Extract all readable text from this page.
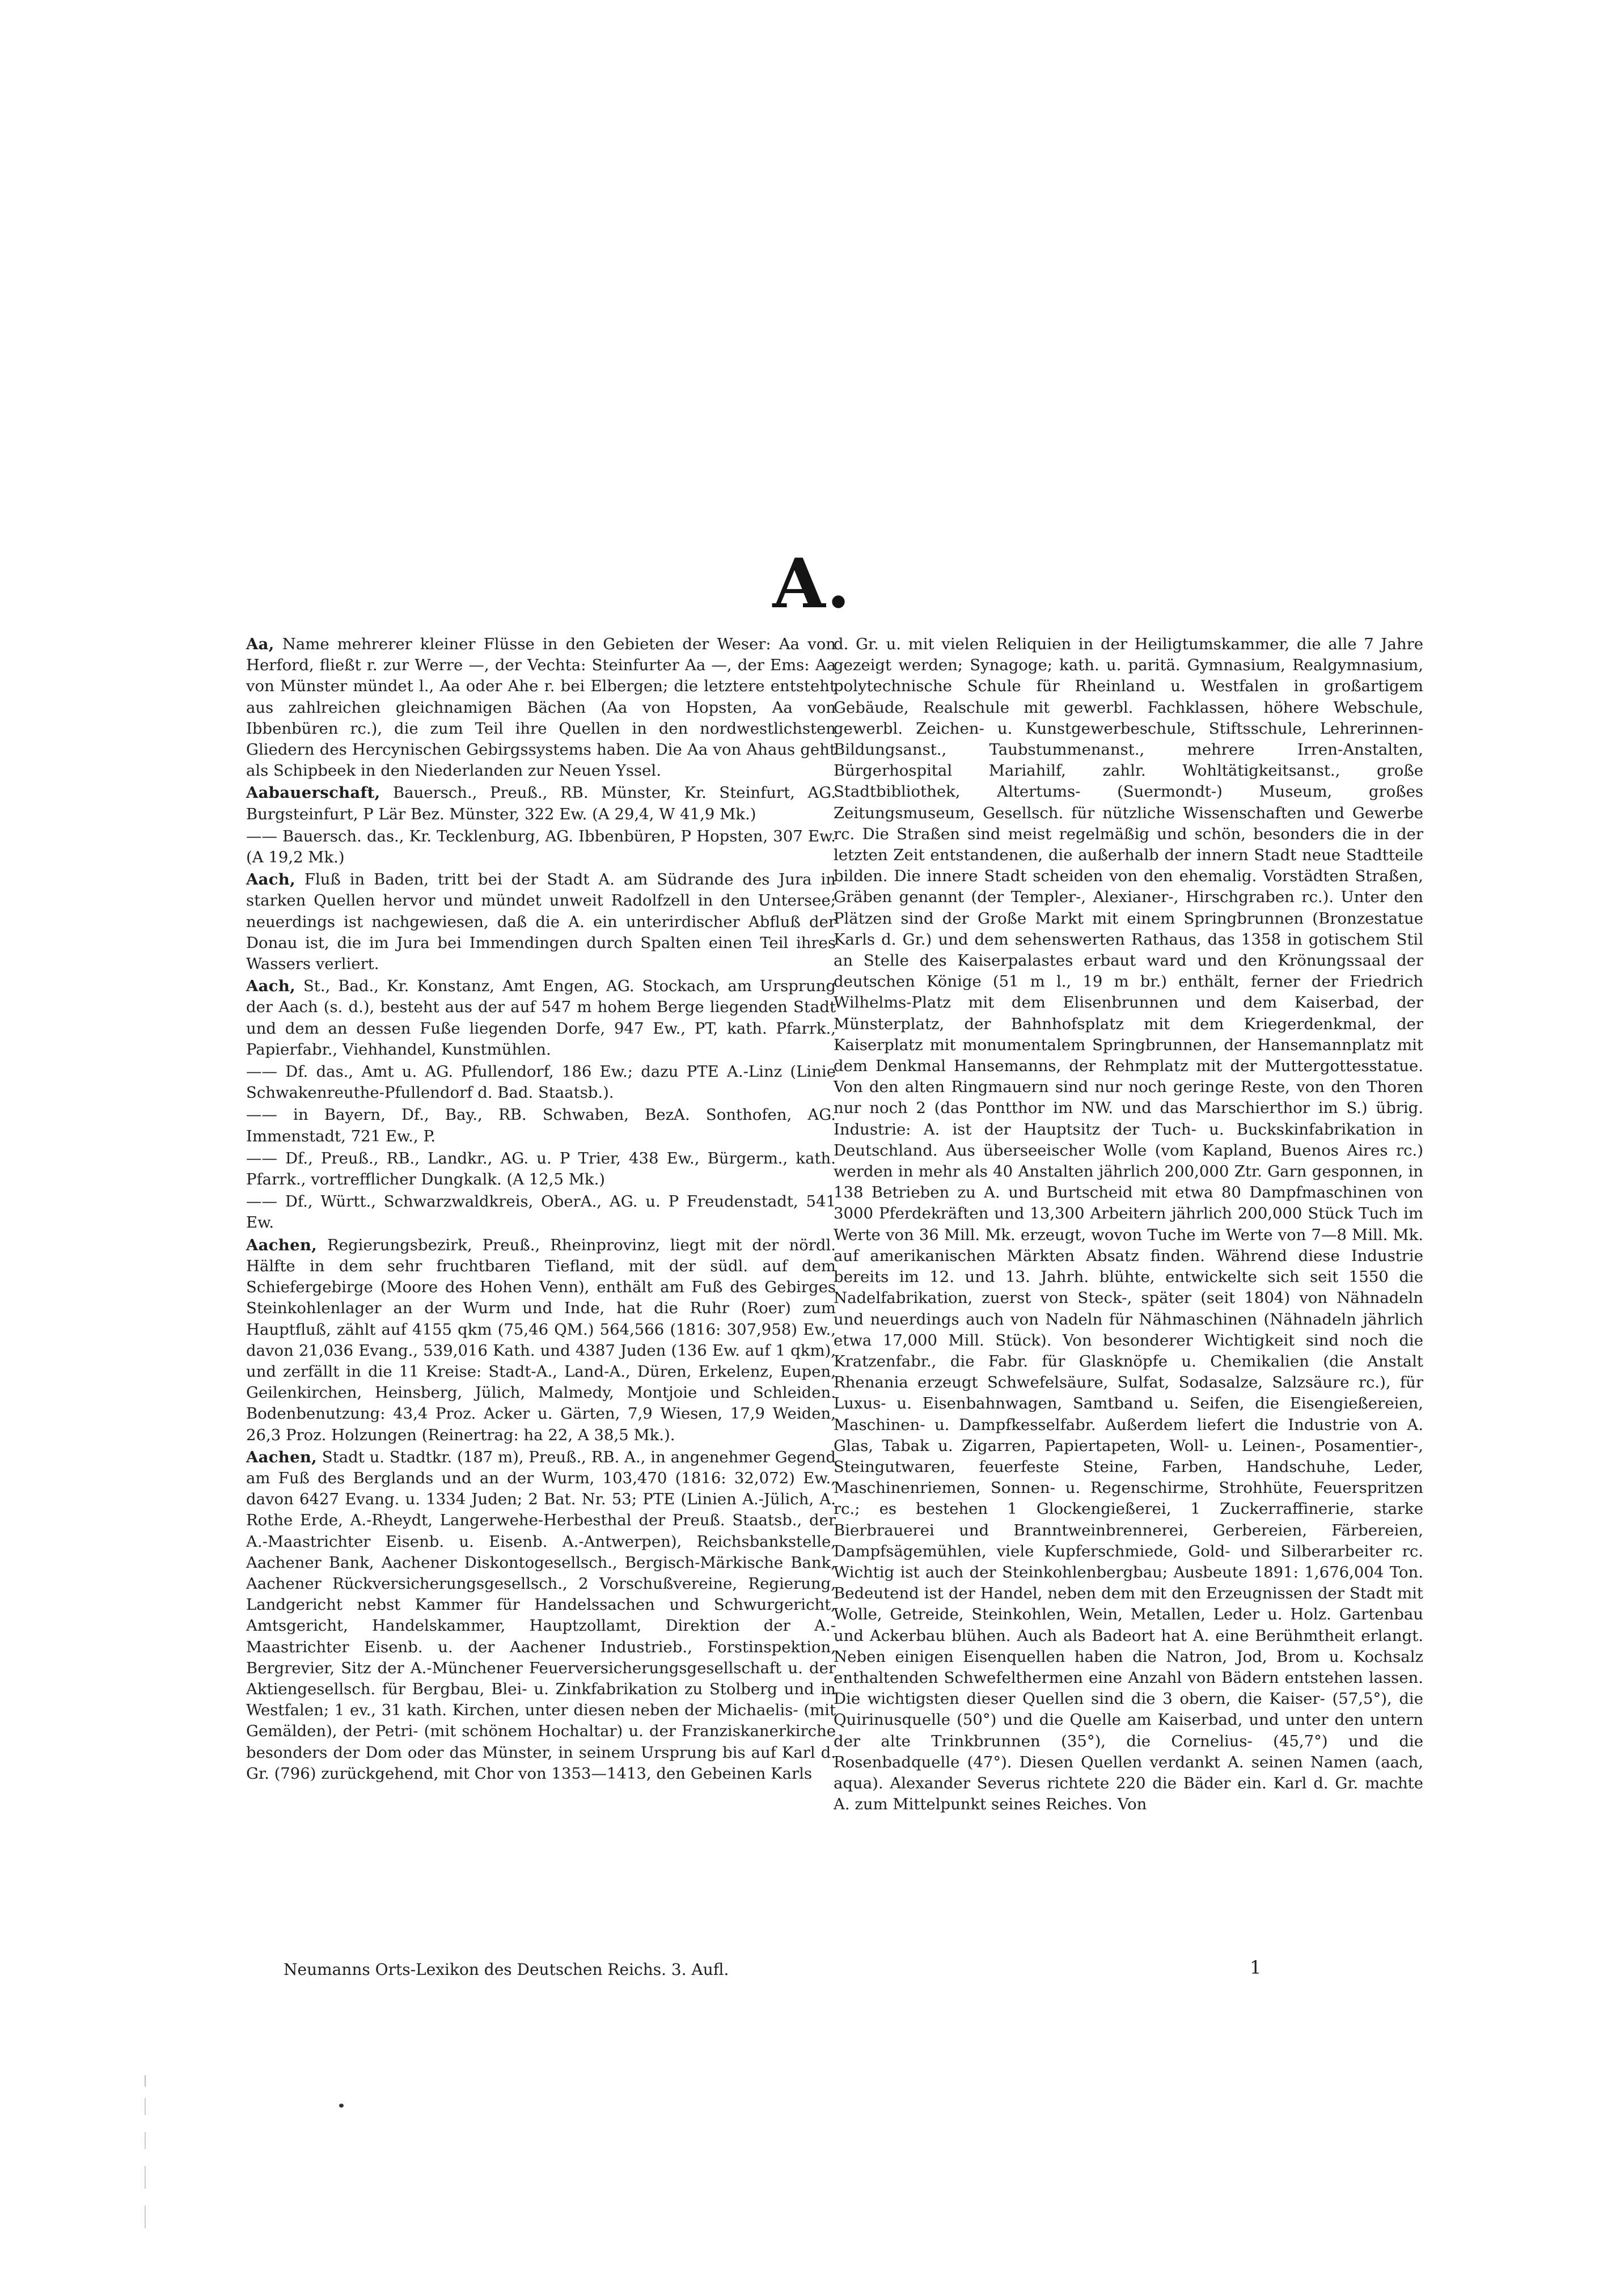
A.

Aa, Name mehrerer kleiner Flüsse in den Gebieten der Weser: Aa von Herford, fließt r. zur Werre —, der Vechta: Steinfurter Aa —, der Ems: Aa von Münster mündet l., Aa oder Ahe r. bei Elbergen; die letztere entsteht aus zahlreichen gleichnamigen Bächen (Aa von Hopsten, Aa von Ibbenbüren rc.), die zum Teil ihre Quellen in den nordwestlichsten Gliedern des Hercynischen Gebirgssystems haben. Die Aa von Ahaus geht als Schipbeek in den Niederlanden zur Neuen Yssel.

Aabauerschaft, Bauersch., Preuß., RB. Münster, Kr. Steinfurt, AG. Burgsteinfurt, P Lär Bez. Münster, 322 Ew. (A 29,4, W 41,9 Mk.)

—— Bauersch. das., Kr. Tecklenburg, AG. Ibbenbüren, P Hopsten, 307 Ew. (A 19,2 Mk.)

Aach, Fluß in Baden, tritt bei der Stadt A. am Südrande des Jura in starken Quellen hervor und mündet unweit Radolfzell in den Untersee; neuerdings ist nachgewiesen, daß die A. ein unterirdischer Abfluß der Donau ist, die im Jura bei Immendingen durch Spalten einen Teil ihres Wassers verliert.

Aach, St., Bad., Kr. Konstanz, Amt Engen, AG. Stockach, am Ursprung der Aach (s. d.), besteht aus der auf 547 m hohem Berge liegenden Stadt und dem an dessen Fuße liegenden Dorfe, 947 Ew., PT, kath. Pfarrk., Papierfabr., Viehhandel, Kunstmühlen.

—— Df. das., Amt u. AG. Pfullendorf, 186 Ew.; dazu PTE A.-Linz (Linie Schwakenreuthe-Pfullendorf d. Bad. Staatsb.).

—— in Bayern, Df., Bay., RB. Schwaben, BezA. Sonthofen, AG. Immenstadt, 721 Ew., P.

—— Df., Preuß., RB., Landkr., AG. u. P Trier, 438 Ew., Bürgerm., kath. Pfarrk., vortrefflicher Dungkalk. (A 12,5 Mk.)

—— Df., Württ., Schwarzwaldkreis, OberA., AG. u. P Freudenstadt, 541 Ew.

Aachen, Regierungsbezirk, Preuß., Rheinprovinz, liegt mit der nördl. Hälfte in dem sehr fruchtbaren Tiefland, mit der südl. auf dem Schiefergebirge (Moore des Hohen Venn), enthält am Fuß des Gebirges Steinkohlenlager an der Wurm und Inde, hat die Ruhr (Roer) zum Hauptfluß, zählt auf 4155 qkm (75,46 QM.) 564,566 (1816: 307,958) Ew., davon 21,036 Evang., 539,016 Kath. und 4387 Juden (136 Ew. auf 1 qkm), und zerfällt in die 11 Kreise: Stadt-A., Land-A., Düren, Erkelenz, Eupen, Geilenkirchen, Heinsberg, Jülich, Malmedy, Montjoie und Schleiden. Bodenbenutzung: 43,4 Proz. Acker u. Gärten, 7,9 Wiesen, 17,9 Weiden, 26,3 Proz. Holzungen (Reinertrag: ha 22, A 38,5 Mk.).

Aachen, Stadt u. Stadtkr. (187 m), Preuß., RB. A., in angenehmer Gegend am Fuß des Berglands und an der Wurm, 103,470 (1816: 32,072) Ew., davon 6427 Evang. u. 1334 Juden; 2 Bat. Nr. 53; PTE (Linien A.-Jülich, A. Rothe Erde, A.-Rheydt, Langerwehe-Herbesthal der Preuß. Staatsb., der A.-Maastrichter Eisenb. u. Eisenb. A.-Antwerpen), Reichsbankstelle, Aachener Bank, Aachener Diskontogesellsch., Bergisch-Märkische Bank, Aachener Rückversicherungsgesellsch., 2 Vorschußvereine, Regierung, Landgericht nebst Kammer für Handelssachen und Schwurgericht, Amtsgericht, Handelskammer, Hauptzollamt, Direktion der A.-Maastrichter Eisenb. u. der Aachener Industrieb., Forstinspektion, Bergrevier, Sitz der A.-Münchener Feuerversicherungsgesellschaft u. der Aktiengesellsch. für Bergbau, Blei- u. Zinkfabrikation zu Stolberg und in Westfalen; 1 ev., 31 kath. Kirchen, unter diesen neben der Michaelis- (mit Gemälden), der Petri- (mit schönem Hochaltar) u. der Franziskanerkirche besonders der Dom oder das Münster, in seinem Ursprung bis auf Karl d. Gr. (796) zurückgehend, mit Chor von 1353—1413, den Gebeinen Karls

d. Gr. u. mit vielen Reliquien in der Heiligtumskammer, die alle 7 Jahre gezeigt werden; Synagoge; kath. u. paritä. Gymnasium, Realgymnasium, polytechnische Schule für Rheinland u. Westfalen in großartigem Gebäude, Realschule mit gewerbl. Fachklassen, höhere Webschule, gewerbl. Zeichen- u. Kunstgewerbeschule, Stiftsschule, Lehrerinnen-Bildungsanst., Taubstummenanst., mehrere Irren-Anstalten, Bürgerhospital Mariahilf, zahlr. Wohltätigkeitsanst., große Stadtbibliothek, Altertums- (Suermondt-) Museum, großes Zeitungsmuseum, Gesellsch. für nützliche Wissenschaften und Gewerbe rc. Die Straßen sind meist regelmäßig und schön, besonders die in der letzten Zeit entstandenen, die außerhalb der innern Stadt neue Stadtteile bilden. Die innere Stadt scheiden von den ehemalig. Vorstädten Straßen, Gräben genannt (der Templer-, Alexianer-, Hirschgraben rc.). Unter den Plätzen sind der Große Markt mit einem Springbrunnen (Bronzestatue Karls d. Gr.) und dem sehenswerten Rathaus, das 1358 in gotischem Stil an Stelle des Kaiserpalastes erbaut ward und den Krönungssaal der deutschen Könige (51 m l., 19 m br.) enthält, ferner der Friedrich Wilhelms-Platz mit dem Elisenbrunnen und dem Kaiserbad, der Münsterplatz, der Bahnhofsplatz mit dem Kriegerdenkmal, der Kaiserplatz mit monumentalem Springbrunnen, der Hansemannplatz mit dem Denkmal Hansemanns, der Rehmplatz mit der Muttergottesstatue. Von den alten Ringmauern sind nur noch geringe Reste, von den Thoren nur noch 2 (das Pontthor im NW. und das Marschierthor im S.) übrig. Industrie: A. ist der Hauptsitz der Tuch- u. Buckskinfabrikation in Deutschland. Aus überseeischer Wolle (vom Kapland, Buenos Aires rc.) werden in mehr als 40 Anstalten jährlich 200,000 Ztr. Garn gesponnen, in 138 Betrieben zu A. und Burtscheid mit etwa 80 Dampfmaschinen von 3000 Pferdekräften und 13,300 Arbeitern jährlich 200,000 Stück Tuch im Werte von 36 Mill. Mk. erzeugt, wovon Tuche im Werte von 7—8 Mill. Mk. auf amerikanischen Märkten Absatz finden. Während diese Industrie bereits im 12. und 13. Jahrh. blühte, entwickelte sich seit 1550 die Nadelfabrikation, zuerst von Steck-, später (seit 1804) von Nähnadeln und neuerdings auch von Nadeln für Nähmaschinen (Nähnadeln jährlich etwa 17,000 Mill. Stück). Von besonderer Wichtigkeit sind noch die Kratzenfabr., die Fabr. für Glasknöpfe u. Chemikalien (die Anstalt Rhenania erzeugt Schwefelsäure, Sulfat, Sodasalze, Salzsäure rc.), für Luxus- u. Eisenbahnwagen, Samtband u. Seifen, die Eisengießereien, Maschinen- u. Dampfkesselfabr. Außerdem liefert die Industrie von A. Glas, Tabak u. Zigarren, Papiertapeten, Woll- u. Leinen-, Posamentier-, Steingutwaren, feuerfeste Steine, Farben, Handschuhe, Leder, Maschinenriemen, Sonnen- u. Regenschirme, Strohhüte, Feuerspritzen rc.; es bestehen 1 Glockengießerei, 1 Zuckerraffinerie, starke Bierbrauerei und Branntweinbrennerei, Gerbereien, Färbereien, Dampfsägemühlen, viele Kupferschmiede, Gold- und Silberarbeiter rc. Wichtig ist auch der Steinkohlenbergbau; Ausbeute 1891: 1,676,004 Ton. Bedeutend ist der Handel, neben dem mit den Erzeugnissen der Stadt mit Wolle, Getreide, Steinkohlen, Wein, Metallen, Leder u. Holz. Gartenbau und Ackerbau blühen. Auch als Badeort hat A. eine Berühmtheit erlangt. Neben einigen Eisenquellen haben die Natron, Jod, Brom u. Kochsalz enthaltenden Schwefelthermen eine Anzahl von Bädern entstehen lassen. Die wichtigsten dieser Quellen sind die 3 obern, die Kaiser- (57,5°), die Quirinusquelle (50°) und die Quelle am Kaiserbad, und unter den untern der alte Trinkbrunnen (35°), die Cornelius- (45,7°) und die Rosenbadquelle (47°). Diesen Quellen verdankt A. seinen Namen (aach, aqua). Alexander Severus richtete 220 die Bäder ein. Karl d. Gr. machte A. zum Mittelpunkt seines Reiches. Von

Neumanns Orts-Lexikon des Deutschen Reichs. 3. Aufl.	1
